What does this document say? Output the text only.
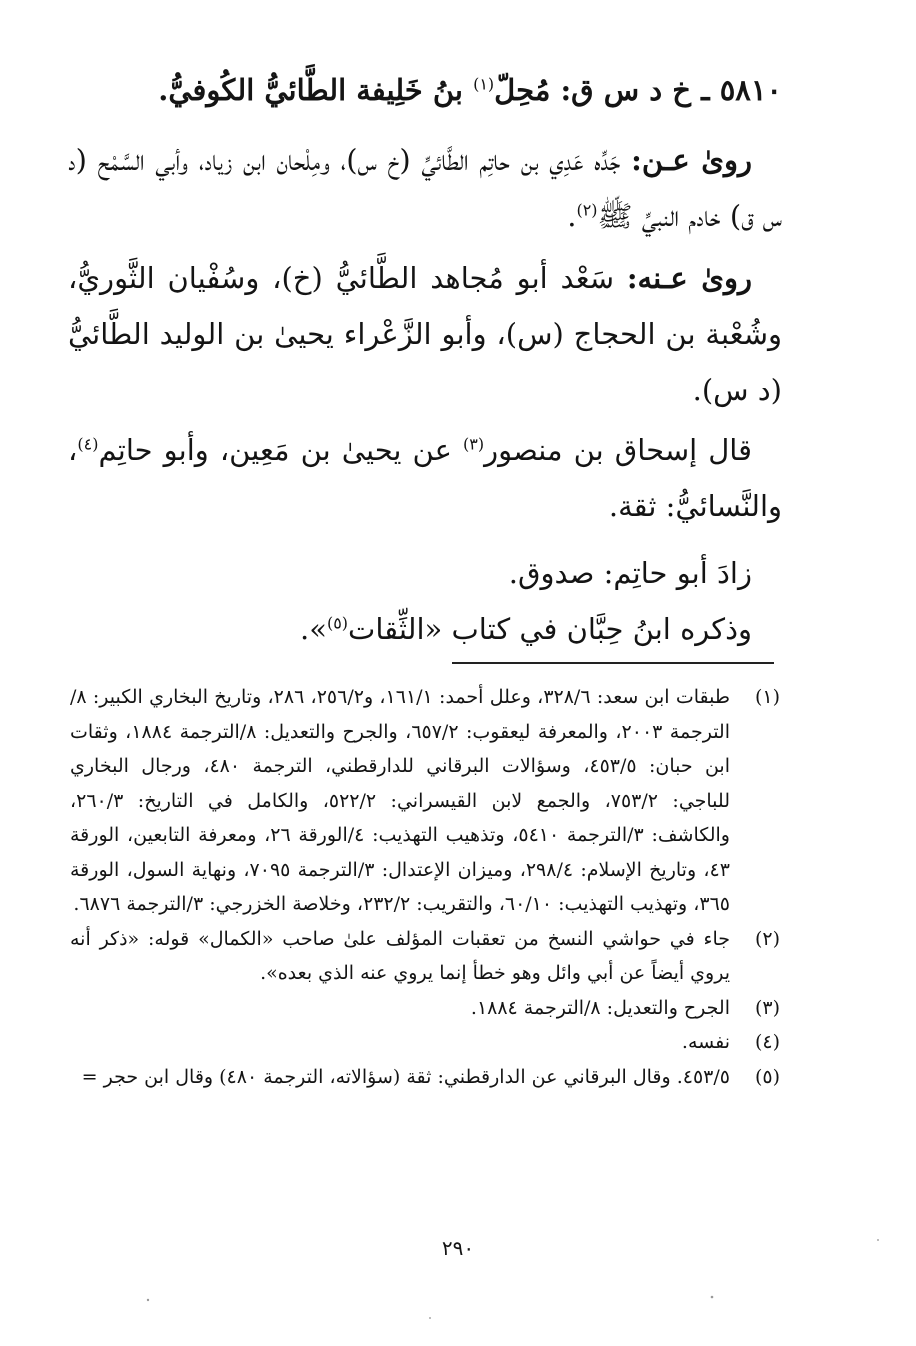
٥٨١٠ ـ خ د س ق: مُحِلّ$^{(١)}$ بنُ خَلِيفة الطَّائيُّ الكُوفيُّ.

روىٰ عـن: جَدِّه عَدِي بن حاتِم الطَّائيِّ (خ س)، ومِلْحان ابن زياد، وأبي السَّمْح (د س ق) خادم النبيِّ ﷺ$^{(٢)}$.

روىٰ عـنه: سَعْد أبو مُجاهد الطَّائيُّ (خ)، وسُفْيان الثَّوريُّ، وشُعْبة بن الحجاج (س)، وأبو الزَّعْراء يحيىٰ بن الوليد الطَّائيُّ (د س).

قال إسحاق بن منصور$^{(٣)}$ عن يحيىٰ بن مَعِين، وأبو حاتِم$^{(٤)}$، والنَّسائيُّ: ثقة.

زادَ أبو حاتِم: صدوق.

وذكره ابنُ حِبَّان في كتاب «الثِّقات$^{(٥)}$».

(١)
طبقات ابن سعد: ٣٢٨/٦، وعلل أحمد: ١٦١/١، و٢٥٦/٢، ٢٨٦، وتاريخ البخاري الكبير: ٨/الترجمة ٢٠٠٣، والمعرفة ليعقوب: ٦٥٧/٢، والجرح والتعديل: ٨/الترجمة ١٨٨٤، وثقات ابن حبان: ٤٥٣/٥، وسؤالات البرقاني للدارقطني، الترجمة ٤٨٠، ورجال البخاري للباجي: ٧٥٣/٢، والجمع لابن القيسراني: ٥٢٢/٢، والكامل في التاريخ: ٢٦٠/٣، والكاشف: ٣/الترجمة ٥٤١٠، وتذهيب التهذيب: ٤/الورقة ٢٦، ومعرفة التابعين، الورقة ٤٣، وتاريخ الإسلام: ٢٩٨/٤، وميزان الإعتدال: ٣/الترجمة ٧٠٩٥، ونهاية السول، الورقة ٣٦٥، وتهذيب التهذيب: ٦٠/١٠، والتقريب: ٢٣٢/٢، وخلاصة الخزرجي: ٣/الترجمة ٦٨٧٦.

(٢)
جاء في حواشي النسخ من تعقبات المؤلف علىٰ صاحب «الكمال» قوله: «ذكر أنه يروي أيضاً عن أبي وائل وهو خطأ إنما يروي عنه الذي بعده».

(٣)
الجرح والتعديل: ٨/الترجمة ١٨٨٤.

(٤)
نفسه.

(٥)
٤٥٣/٥. وقال البرقاني عن الدارقطني: ثقة (سؤالاته، الترجمة ٤٨٠) وقال ابن حجر =

٢٩٠
